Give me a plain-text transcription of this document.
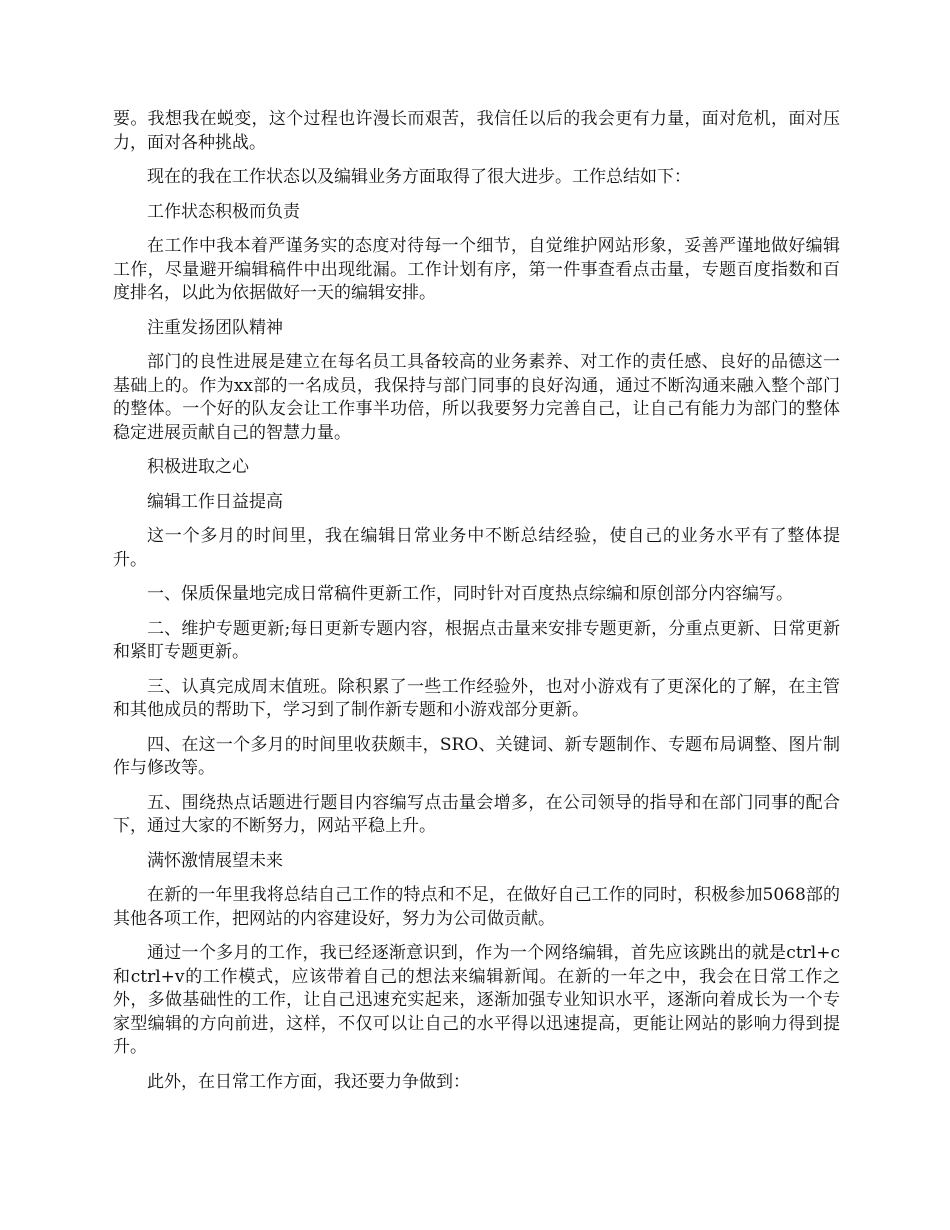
要。我想我在蜕变，这个过程也许漫长而艰苦，我信任以后的我会更有力量，面对危机，面对压力，面对各种挑战。

现在的我在工作状态以及编辑业务方面取得了很大进步。工作总结如下：

工作状态积极而负责

在工作中我本着严谨务实的态度对待每一个细节，自觉维护网站形象，妥善严谨地做好编辑工作，尽量避开编辑稿件中出现纰漏。工作计划有序，第一件事查看点击量，专题百度指数和百度排名，以此为依据做好一天的编辑安排。

注重发扬团队精神

部门的良性进展是建立在每名员工具备较高的业务素养、对工作的责任感、良好的品德这一基础上的。作为xx部的一名成员，我保持与部门同事的良好沟通，通过不断沟通来融入整个部门的整体。一个好的队友会让工作事半功倍，所以我要努力完善自己，让自己有能力为部门的整体稳定进展贡献自己的智慧力量。

积极进取之心

编辑工作日益提高

这一个多月的时间里，我在编辑日常业务中不断总结经验，使自己的业务水平有了整体提升。

一、保质保量地完成日常稿件更新工作，同时针对百度热点综编和原创部分内容编写。

二、维护专题更新;每日更新专题内容，根据点击量来安排专题更新，分重点更新、日常更新和紧盯专题更新。

三、认真完成周末值班。除积累了一些工作经验外，也对小游戏有了更深化的了解，在主管和其他成员的帮助下，学习到了制作新专题和小游戏部分更新。

四、在这一个多月的时间里收获颇丰，SRO、关键词、新专题制作、专题布局调整、图片制作与修改等。

五、围绕热点话题进行题目内容编写点击量会增多，在公司领导的指导和在部门同事的配合下，通过大家的不断努力，网站平稳上升。

满怀激情展望未来

在新的一年里我将总结自己工作的特点和不足，在做好自己工作的同时，积极参加5068部的其他各项工作，把网站的内容建设好，努力为公司做贡献。

通过一个多月的工作，我已经逐渐意识到，作为一个网络编辑，首先应该跳出的就是ctrl+c和ctrl+v的工作模式，应该带着自己的想法来编辑新闻。在新的一年之中，我会在日常工作之外，多做基础性的工作，让自己迅速充实起来，逐渐加强专业知识水平，逐渐向着成长为一个专家型编辑的方向前进，这样，不仅可以让自己的水平得以迅速提高，更能让网站的影响力得到提升。

此外，在日常工作方面，我还要力争做到：
